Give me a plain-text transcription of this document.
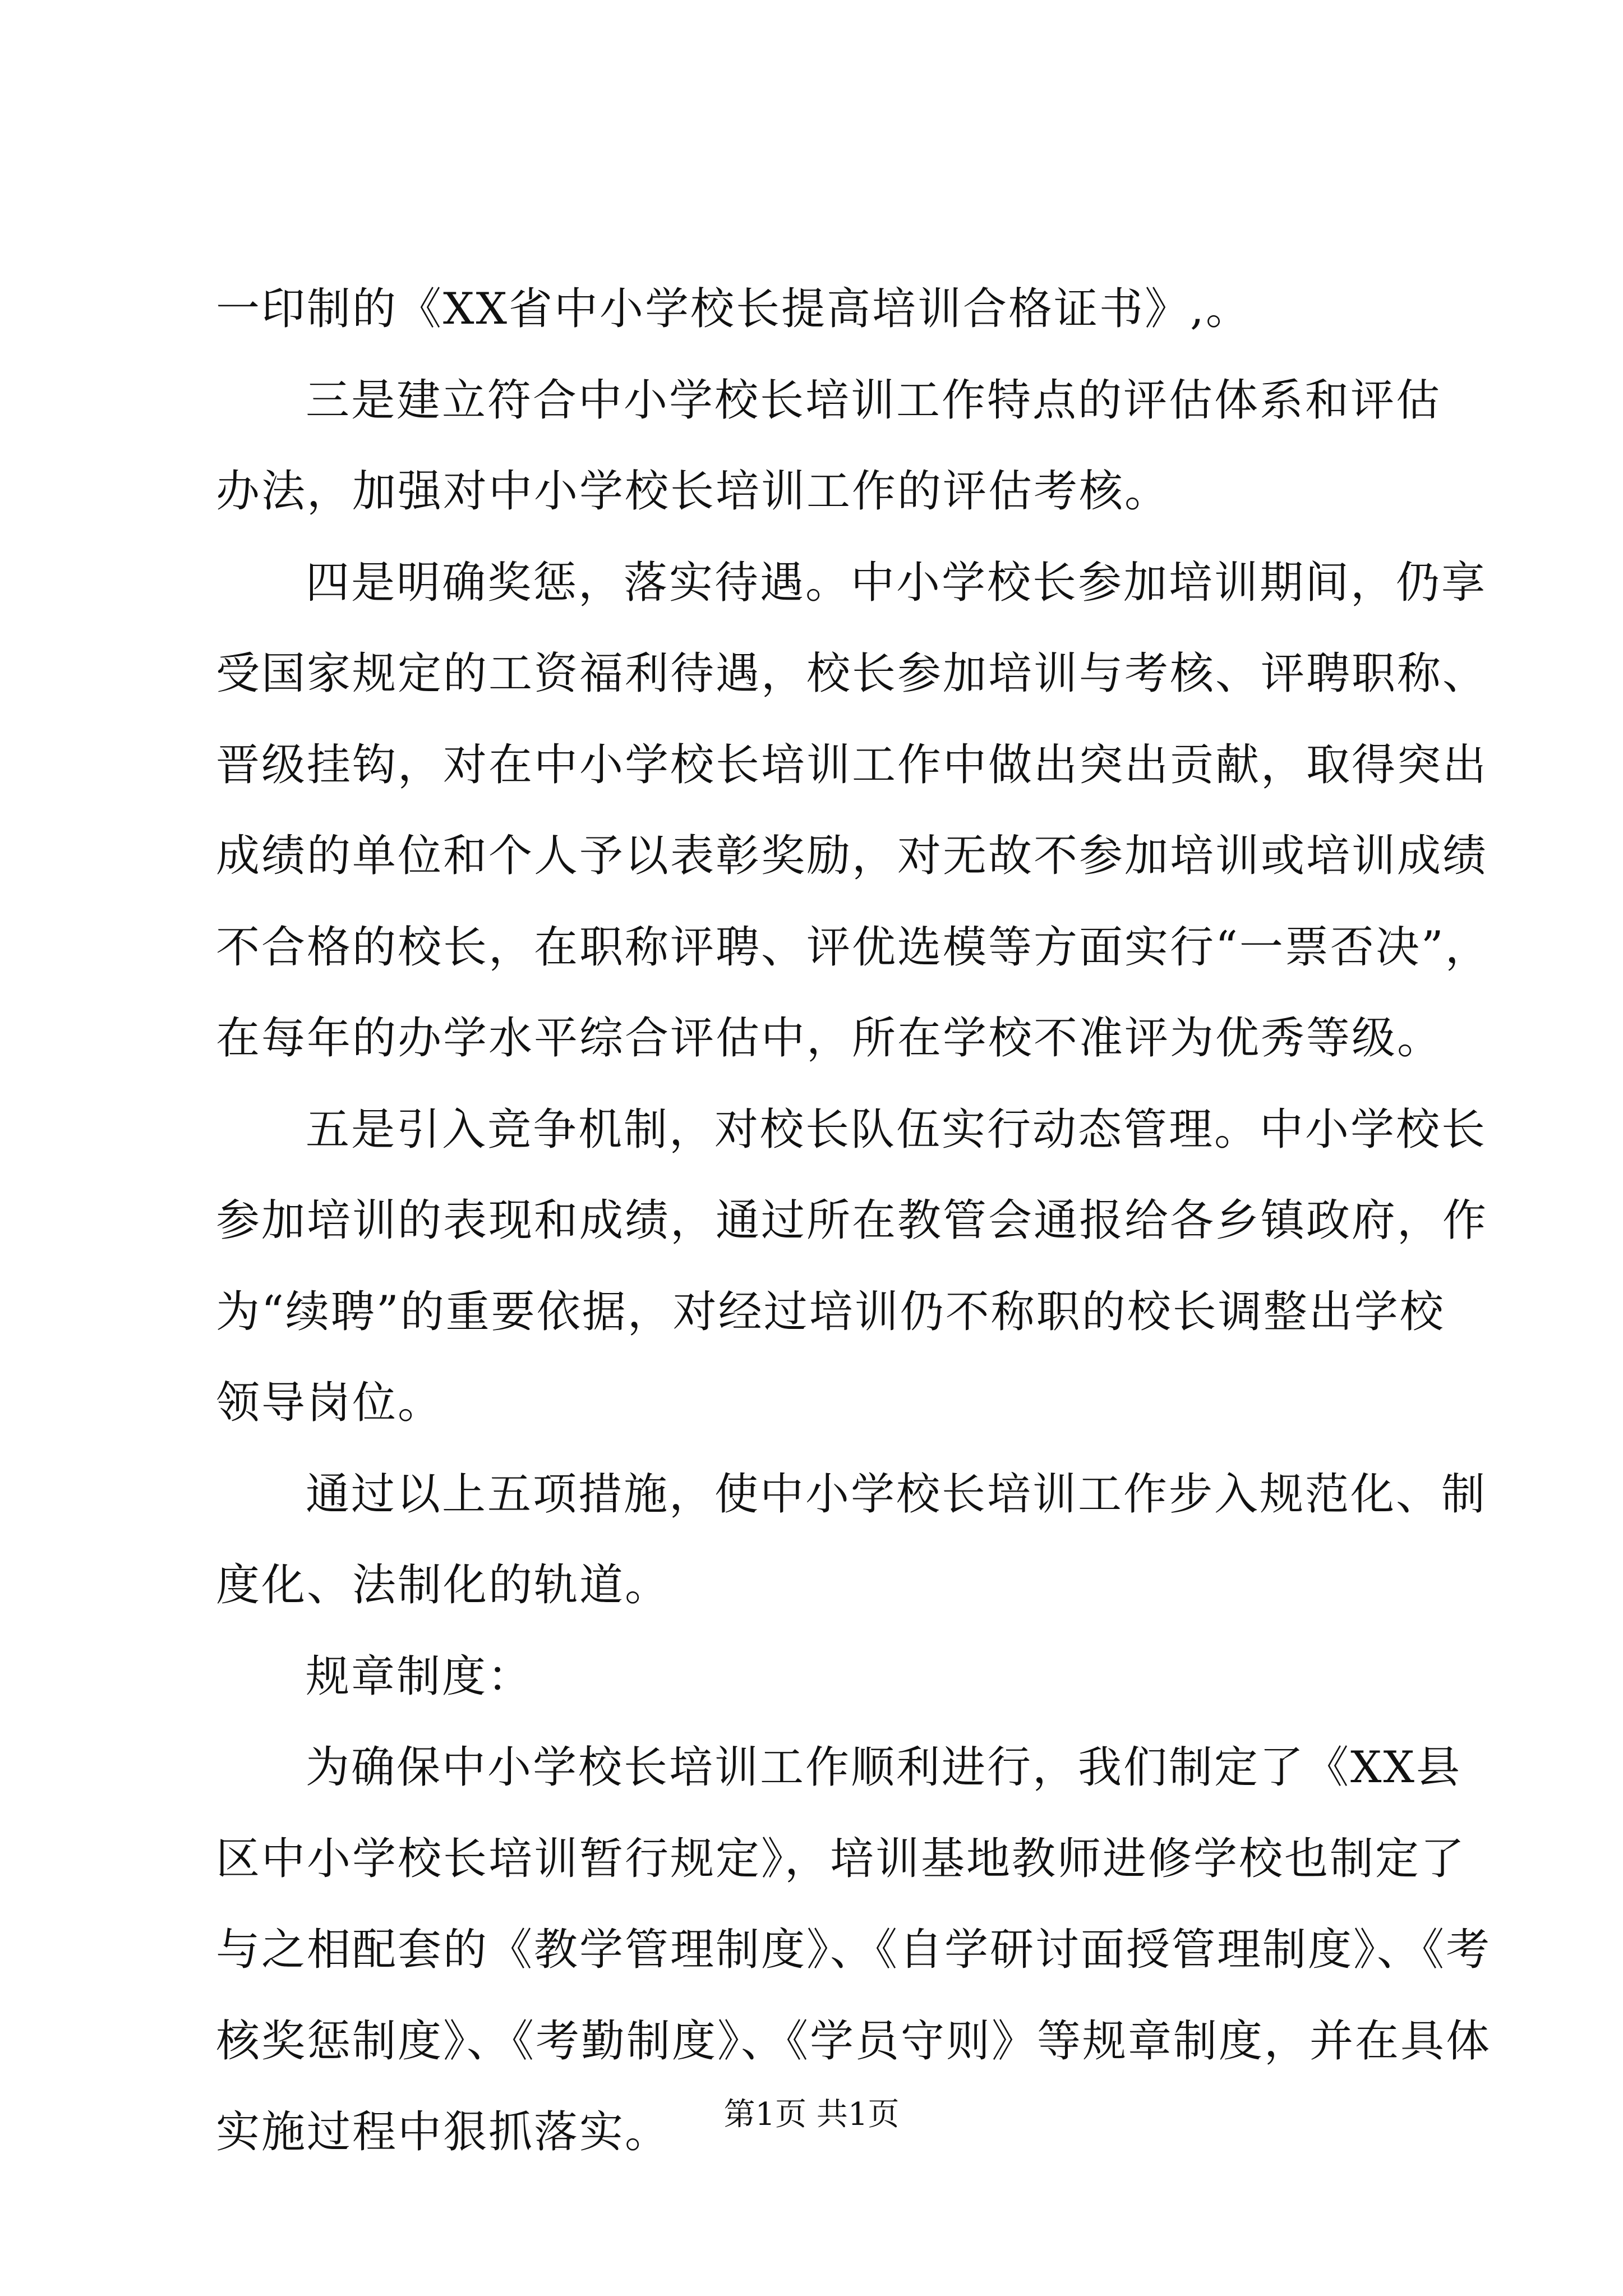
一印制的《XX省中小学校长提高培训合格证书》,。

三是建立符合中小学校长培训工作特点的评估体系和评估

办法，加强对中小学校长培训工作的评估考核。

四是明确奖惩，落实待遇。中小学校长参加培训期间，仍享

受国家规定的工资福利待遇，校长参加培训与考核、评聘职称、

晋级挂钩，对在中小学校长培训工作中做出突出贡献，取得突出

成绩的单位和个人予以表彰奖励，对无故不参加培训或培训成绩

不合格的校长，在职称评聘、评优选模等方面实行“一票否决”，

在每年的办学水平综合评估中，所在学校不准评为优秀等级。

五是引入竞争机制，对校长队伍实行动态管理。中小学校长

参加培训的表现和成绩，通过所在教管会通报给各乡镇政府，作

为“续聘”的重要依据，对经过培训仍不称职的校长调整出学校

领导岗位。

通过以上五项措施，使中小学校长培训工作步入规范化、制

度化、法制化的轨道。

规章制度：

为确保中小学校长培训工作顺利进行，我们制定了《XX县

区中小学校长培训暂行规定》，培训基地教师进修学校也制定了

与之相配套的《教学管理制度》、《自学研讨面授管理制度》、《考

核奖惩制度》、《考勤制度》、《学员守则》等规章制度，并在具体

实施过程中狠抓落实。	第1页 共1页
